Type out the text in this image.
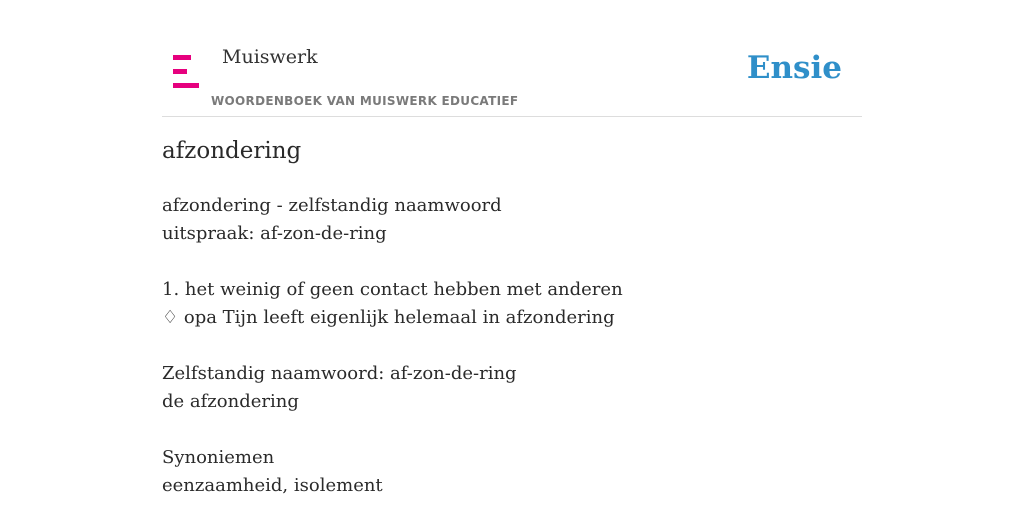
Muiswerk
WOORDENBOEK VAN MUISWERK EDUCATIEF
Ensie
afzondering
afzondering - zelfstandig naamwoord
uitspraak: af-zon-de-ring
1. het weinig of geen contact hebben met anderen
♢ opa Tijn leeft eigenlijk helemaal in afzondering
Zelfstandig naamwoord: af-zon-de-ring
de afzondering
Synoniemen
eenzaamheid, isolement
